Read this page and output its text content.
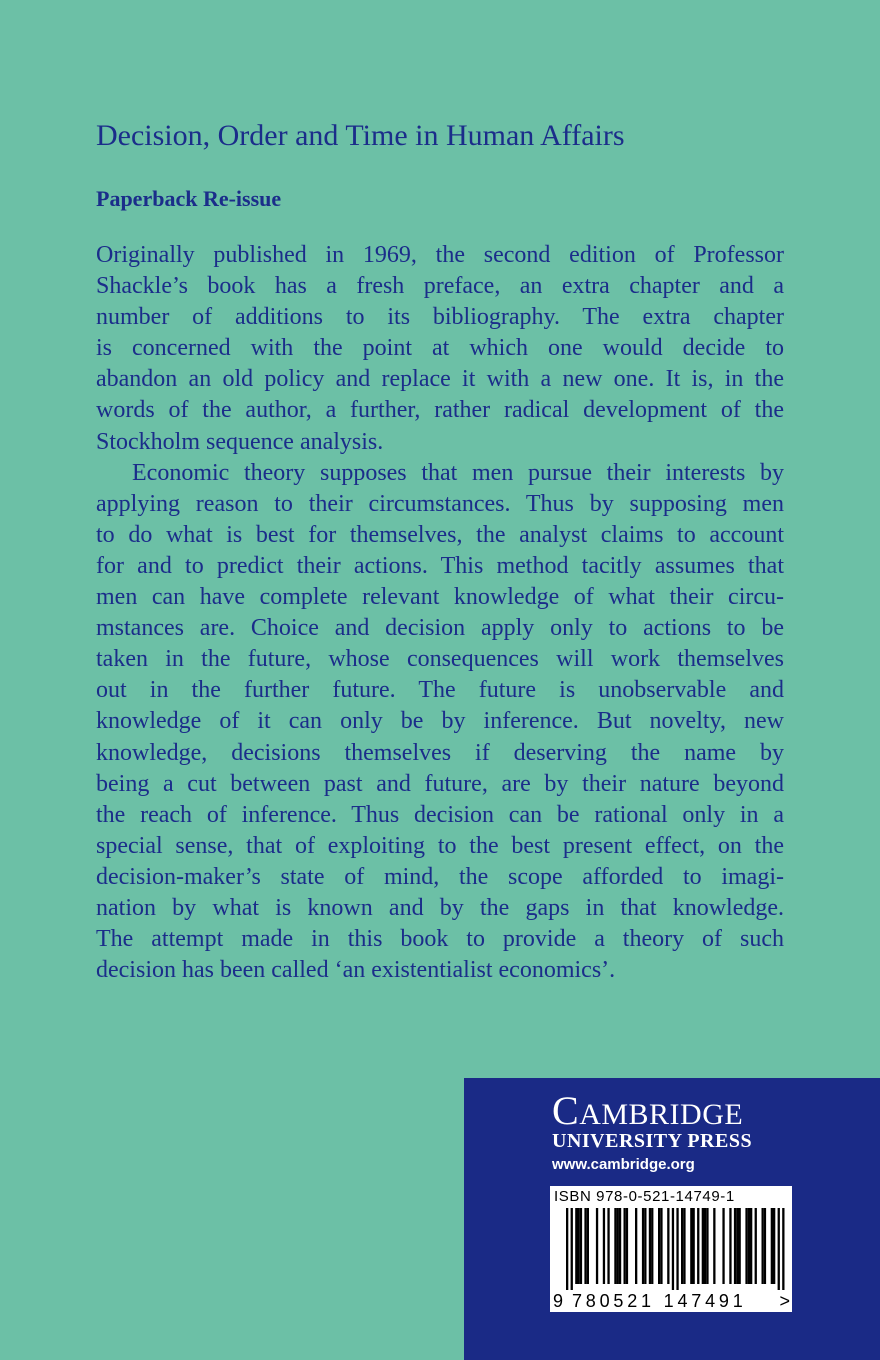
Decision, Order and Time in Human Affairs
Paperback Re-issue
Originally published in 1969, the second edition of Professor
Shackle’s book has a fresh preface, an extra chapter and a
number of additions to its bibliography. The extra chapter
is concerned with the point at which one would decide to
abandon an old policy and replace it with a new one. It is, in the
words of the author, a further, rather radical development of the
Stockholm sequence analysis.
Economic theory supposes that men pursue their interests by
applying reason to their circumstances. Thus by supposing men
to do what is best for themselves, the analyst claims to account
for and to predict their actions. This method tacitly assumes that
men can have complete relevant knowledge of what their circu-
mstances are. Choice and decision apply only to actions to be
taken in the future, whose consequences will work themselves
out in the further future. The future is unobservable and
knowledge of it can only be by inference. But novelty, new
knowledge, decisions themselves if deserving the name by
being a cut between past and future, are by their nature beyond
the reach of inference. Thus decision can be rational only in a
special sense, that of exploiting to the best present effect, on the
decision-maker’s state of mind, the scope afforded to imagi-
nation by what is known and by the gaps in that knowledge.
The attempt made in this book to provide a theory of such
decision has been called ‘an existentialist economics’.

CAMBRIDGE

UNIVERSITY PRESS

www.cambridge.org

ISBN 978-0-521-14749-1

9 780521 147491 >
